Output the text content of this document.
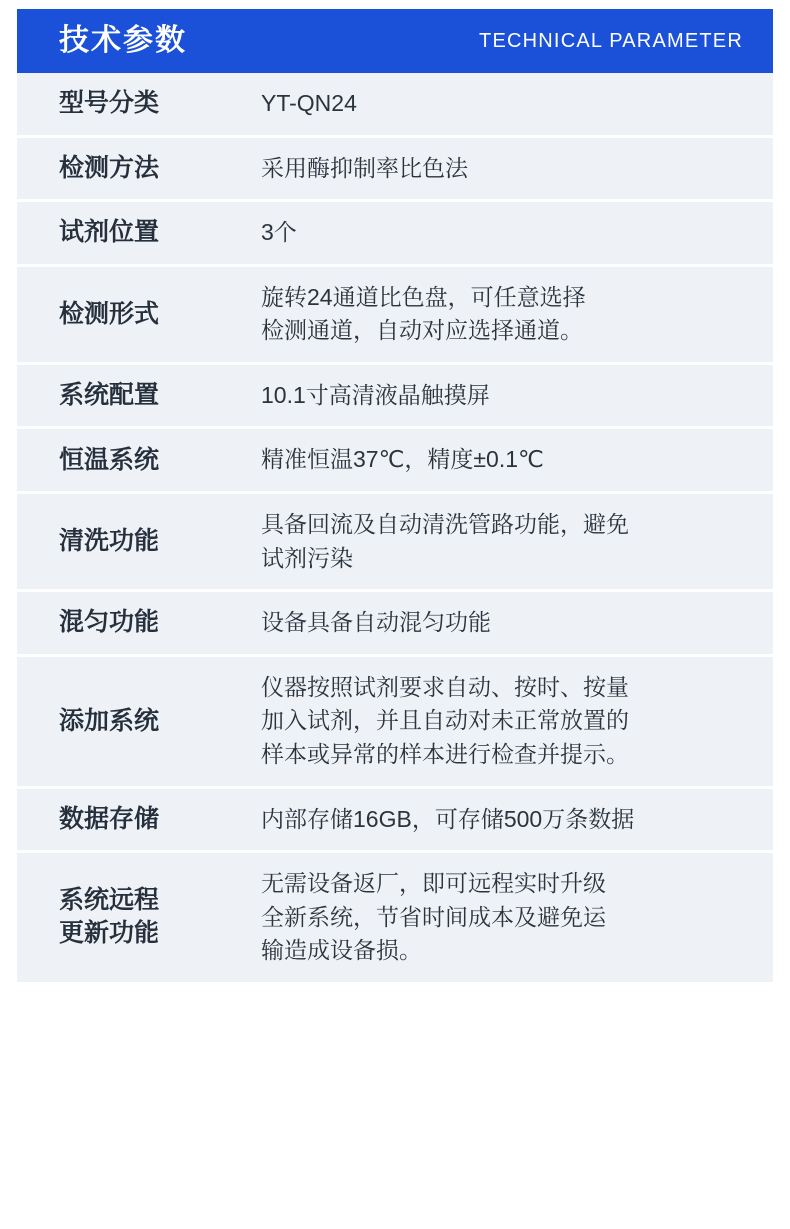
技术参数	TECHNICAL PARAMETER
型号分类	YT-QN24

检测方法	采用酶抑制率比色法

试剂位置	3个

检测形式	旋转24通道比色盘，可任意选择
检测通道，自动对应选择通道。

系统配置	10.1寸高清液晶触摸屏

恒温系统	精准恒温37℃，精度±0.1℃

清洗功能	具备回流及自动清洗管路功能，避免
试剂污染

混匀功能	设备具备自动混匀功能

添加系统	仪器按照试剂要求自动、按时、按量
加入试剂，并且自动对未正常放置的
样本或异常的样本进行检查并提示。

数据存储	内部存储16GB，可存储500万条数据

系统远程
更新功能	无需设备返厂，即可远程实时升级
全新系统，节省时间成本及避免运
输造成设备损。
